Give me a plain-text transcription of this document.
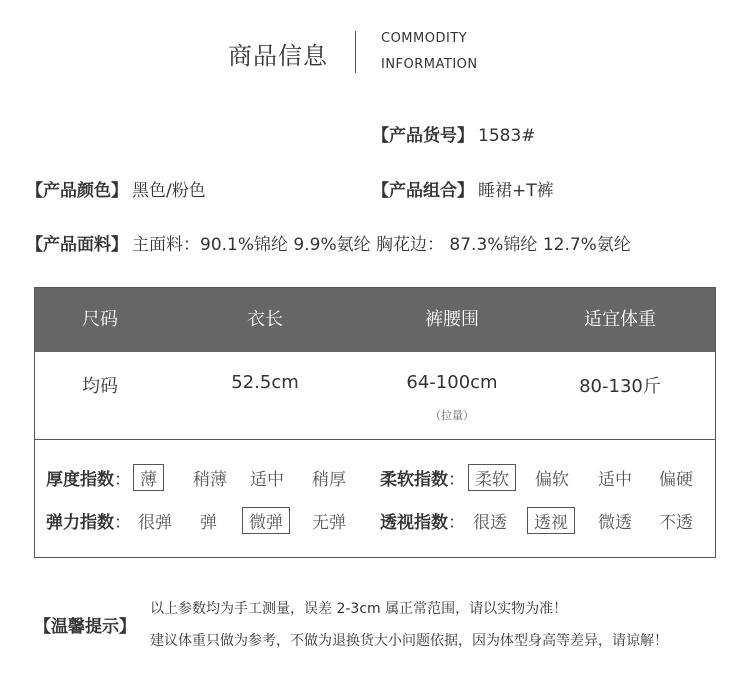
商品信息
COMMODITY
INFORMATION
【产品货号】 1583#
【产品颜色】 黑色/粉色	【产品组合】 睡裙+T裤
【产品面料】 主面料：90.1%锦纶 9.9%氨纶 胸花边： 87.3%锦纶 12.7%氨纶
尺码	衣长	裤腰围	适宜体重
均码	52.5cm	64-100cm	80-130斤
（拉量）
厚度指数： 薄	稍薄 适中 稍厚 柔软指数： 柔软	偏软 适中 偏硬
弹力指数： 很弹 弹	微弹	无弹 透视指数： 很透	透视	微透 不透
【温馨提示】
以上参数均为手工测量，误差 2-3cm 属正常范围，请以实物为准！
建议体重只做为参考，不做为退换货大小问题依据，因为体型身高等差异，请谅解！
